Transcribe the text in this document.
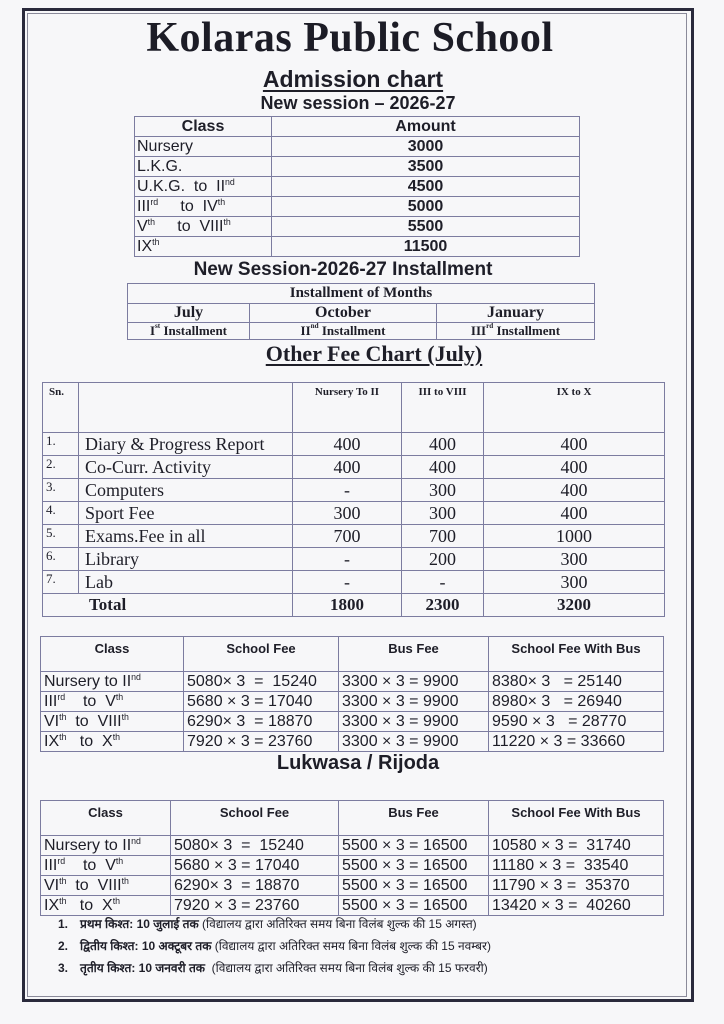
Kolaras Public School
Admission chart
New session – 2026-27
Class	Amount
Nursery	3000
L.K.G.	3500
U.K.G.  to  IInd	4500
IIIrd     to  IVth	5000
Vth     to  VIIIth	5500
IXth	11500
New Session-2026-27 Installment
Installment of Months		
July	October	January
Ist Installment	IInd Installment	IIIrd Installment
Other Fee Chart (July)
Sn.		Nursery To II	III to VIII	IX to X
1.	Diary & Progress Report	400	400	400
2.	Co-Curr. Activity	400	400	400
3.	Computers	-	300	400
4.	Sport Fee	300	300	400
5.	Exams.Fee in all	700	700	1000
6.	Library	-	200	300
7.	Lab	-	-	300
Total		1800	2300	3200
Class	School Fee	Bus Fee	School Fee With Bus
Nursery to IInd	5080× 3  =  15240	3300 × 3 = 9900	8380× 3   = 25140
IIIrd    to  Vth	5680 × 3 = 17040	3300 × 3 = 9900	8980× 3   = 26940
VIth  to  VIIIth	6290× 3  = 18870	3300 × 3 = 9900	9590 × 3   = 28770
IXth   to  Xth	7920 × 3 = 23760	3300 × 3 = 9900	11220 × 3 = 33660
Lukwasa / Rijoda
Class	School Fee	Bus Fee	School Fee With Bus
Nursery to IInd	5080× 3  =  15240	5500 × 3 = 16500	10580 × 3 =  31740
IIIrd    to  Vth	5680 × 3 = 17040	5500 × 3 = 16500	11180 × 3 =  33540
VIth  to  VIIIth	6290× 3  = 18870	5500 × 3 = 16500	11790 × 3 =  35370
IXth   to  Xth	7920 × 3 = 23760	5500 × 3 = 16500	13420 × 3 =  40260
1. प्रथम किश्त: 10 जुलाई तक (विद्यालय द्वारा अतिरिक्त समय बिना विलंब शुल्क की 15 अगस्त)
2. द्वितीय किश्त: 10 अक्टूबर तक (विद्यालय द्वारा अतिरिक्त समय बिना विलंब शुल्क की 15 नवम्बर)
3. तृतीय किश्त: 10 जनवरी तक  (विद्यालय द्वारा अतिरिक्त समय बिना विलंब शुल्क की 15 फरवरी)
